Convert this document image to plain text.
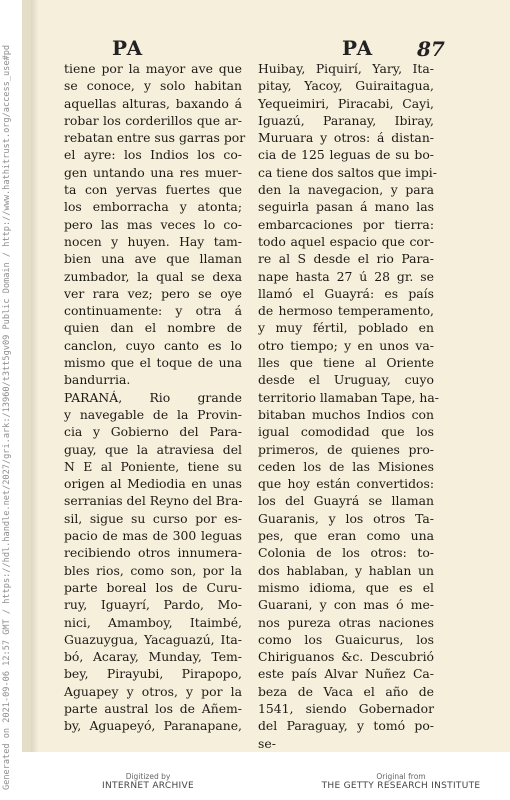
Generated on 2021-09-06 12:57 GMT / https://hdl.handle.net/2027/gri.ark:/13960/t3tt5gv09 Public Domain / http://www.hathitrust.org/access_use#pd	PA	PA 87
tiene por la mayor ave que
se conoce, y solo habitan
aquellas alturas, baxando á
robar los corderillos que ar-
rebatan entre sus garras por
el ayre: los Indios los co-
gen untando una res muer-
ta con yervas fuertes que
los emborracha y atonta;
pero las mas veces lo co-
nocen y huyen. Hay tam-
bien una ave que llaman
zumbador, la qual se dexa
ver rara vez; pero se oye
continuamente: y otra á
quien dan el nombre de
canclon, cuyo canto es lo
mismo que el toque de una
bandurria.
PARANÁ, Rio grande
y navegable de la Provin-
cia y Gobierno del Para-
guay, que la atraviesa del
N E al Poniente, tiene su
origen al Mediodia en unas
serranias del Reyno del Bra-
sil, sigue su curso por es-
pacio de mas de 300 leguas
recibiendo otros innumera-
bles rios, como son, por la
parte boreal los de Curu-
ruy, Iguayrí, Pardo, Mo-
nici, Amamboy, Itaimbé,
Guazuygua, Yacaguazú, Ita-
bó, Acaray, Munday, Tem-
bey, Pirayubi, Pirapopo,
Aguapey y otros, y por la
parte austral los de Añem-
by, Aguapeyó, Paranapane,
Huibay, Piquirí, Yary, Ita-
pitay, Yacoy, Guiraitagua,
Yequeimiri, Piracabi, Cayi,
Iguazú, Paranay, Ibiray,
Muruara y otros: á distan-
cia de 125 leguas de su bo-
ca tiene dos saltos que impi-
den la navegacion, y para
seguirla pasan á mano las
embarcaciones por tierra:
todo aquel espacio que cor-
re al S desde el rio Para-
nape hasta 27 ú 28 gr. se
llamó el Guayrá: es país
de hermoso temperamento,
y muy fértil, poblado en
otro tiempo; y en unos va-
lles que tiene al Oriente
desde el Uruguay, cuyo
territorio llamaban Tape, ha-
bitaban muchos Indios con
igual comodidad que los
primeros, de quienes pro-
ceden los de las Misiones
que hoy están convertidos:
los del Guayrá se llaman
Guaranis, y los otros Ta-
pes, que eran como una
Colonia de los otros: to-
dos hablaban, y hablan un
mismo idioma, que es el
Guarani, y con mas ó me-
nos pureza otras naciones
como los Guaicurus, los
Chiriguanos &c. Descubrió
este país Alvar Nuñez Ca-
beza de Vaca el año de
1541, siendo Gobernador
del Paraguay, y tomó po-
se-
Digitized by
INTERNET ARCHIVE
Original from
THE GETTY RESEARCH INSTITUTE
